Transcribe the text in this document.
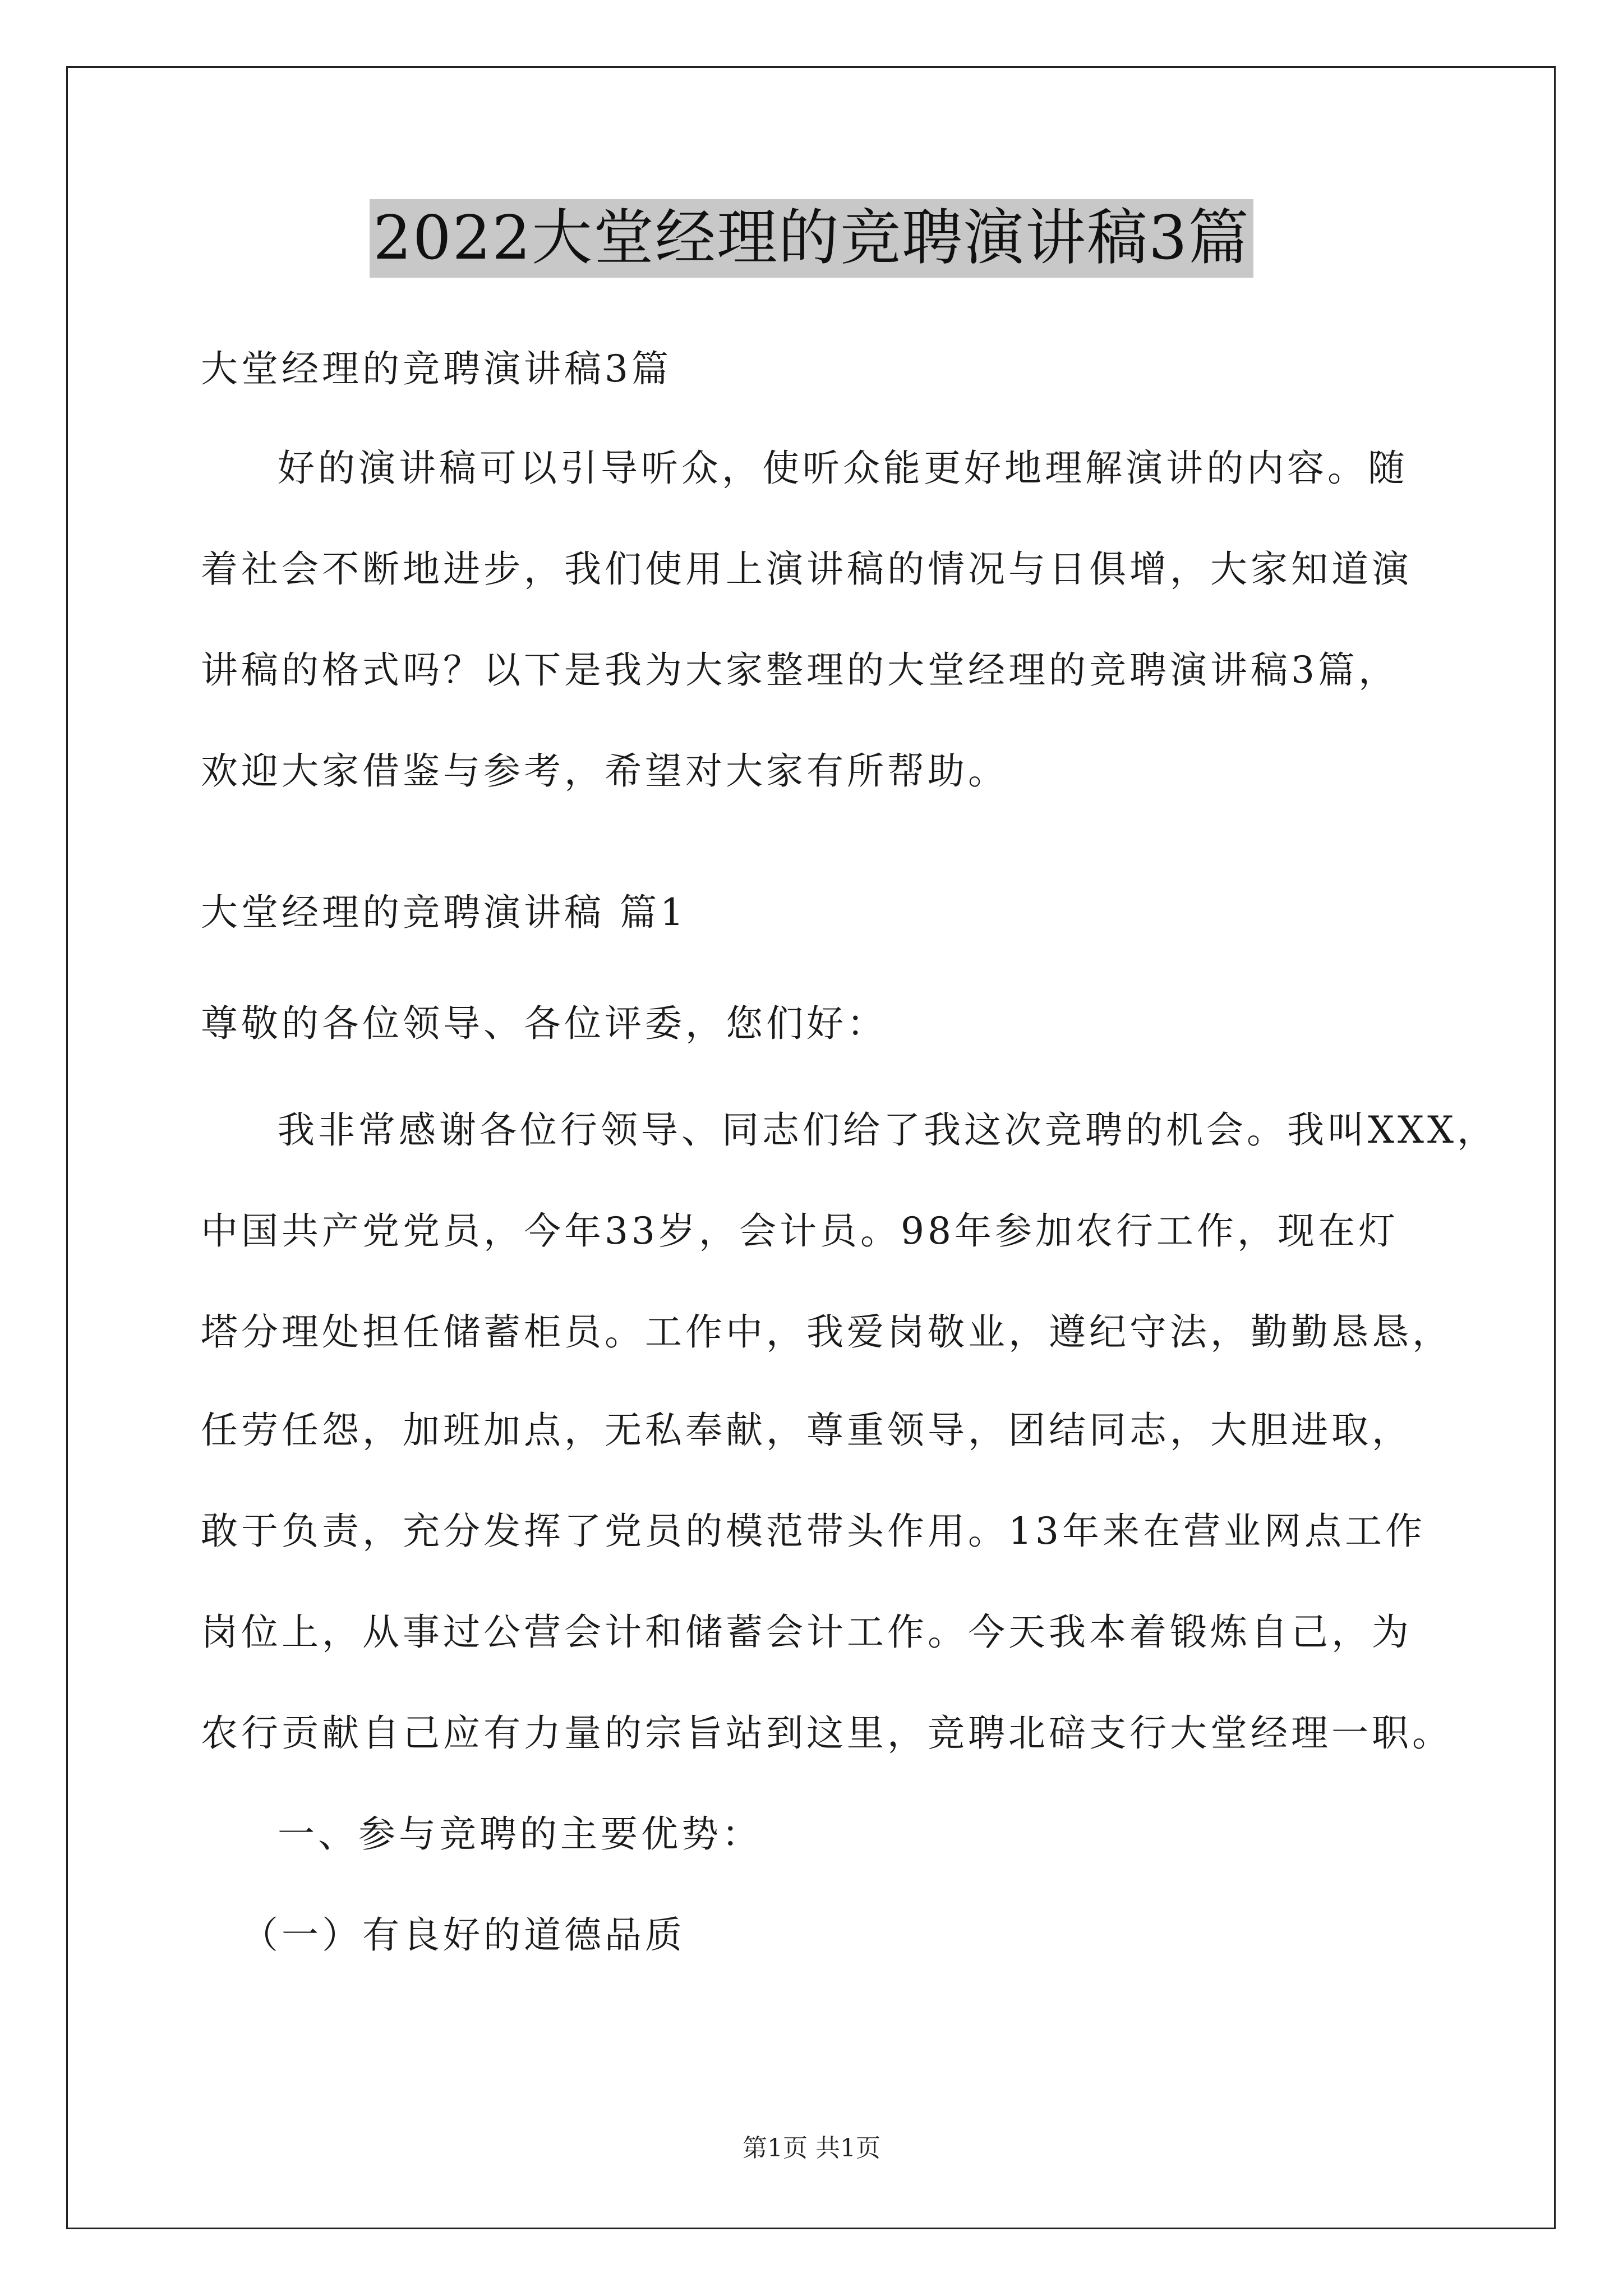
2022大堂经理的竞聘演讲稿3篇
大堂经理的竞聘演讲稿3篇
好的演讲稿可以引导听众，使听众能更好地理解演讲的内容。随
着社会不断地进步，我们使用上演讲稿的情况与日俱增，大家知道演
讲稿的格式吗？以下是我为大家整理的大堂经理的竞聘演讲稿3篇，
欢迎大家借鉴与参考，希望对大家有所帮助。
大堂经理的竞聘演讲稿 篇1
尊敬的各位领导、各位评委，您们好：
我非常感谢各位行领导、同志们给了我这次竞聘的机会。我叫XXX，
中国共产党党员，今年33岁，会计员。98年参加农行工作，现在灯
塔分理处担任储蓄柜员。工作中，我爱岗敬业，遵纪守法，勤勤恳恳，
任劳任怨，加班加点，无私奉献，尊重领导，团结同志，大胆进取，
敢于负责，充分发挥了党员的模范带头作用。13年来在营业网点工作
岗位上，从事过公营会计和储蓄会计工作。今天我本着锻炼自己，为
农行贡献自己应有力量的宗旨站到这里，竞聘北碚支行大堂经理一职。
一、参与竞聘的主要优势：
（一）有良好的道德品质
第1页 共1页
